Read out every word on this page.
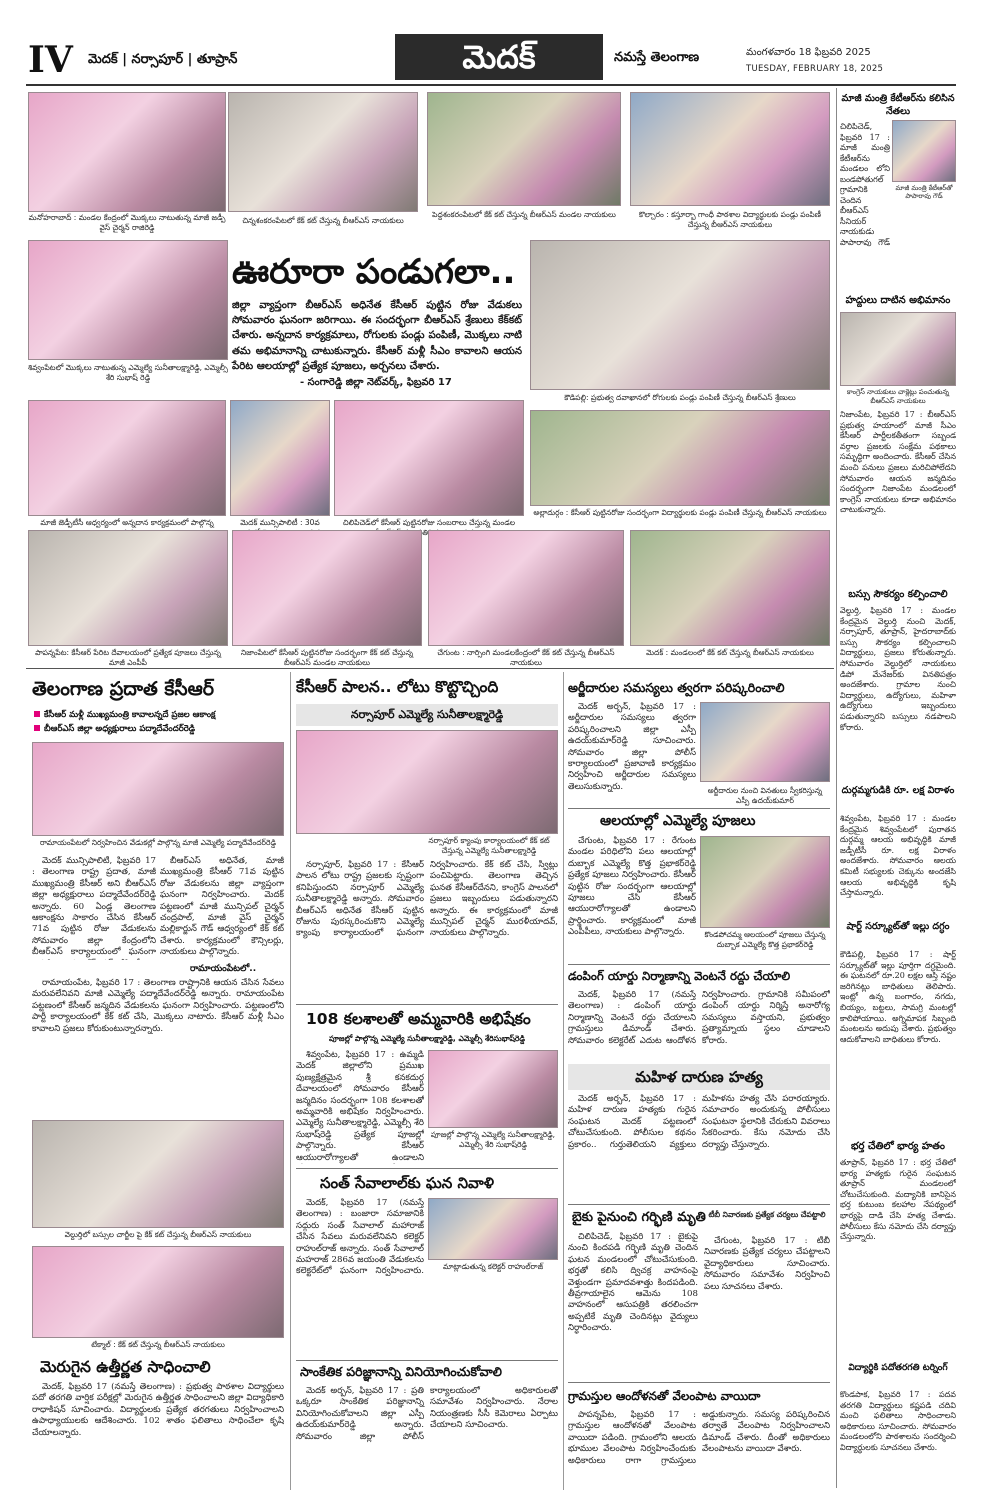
IV మెదక్ | నర్సాపూర్ | తూప్రాన్	మెదక్	నమస్తే తెలంగాణ	మంగళవారం 18 ఫిబ్రవరి 2025
TUESDAY, FEBRUARY 18, 2025
మనోహరాబాద్ : మండల కేంద్రంలో మొక్కలు నాటుతున్న మాజీ జడ్పీ వైస్ చైర్మన్ రాజిరెడ్డి
చిన్నశంకరంపేటలో కేక్ కట్ చేస్తున్న బీఆర్ఎస్ నాయకులు
పెద్దశంకరంపేటలో కేక్ కట్ చేస్తున్న బీఆర్ఎస్ మండల నాయకులు	కొల్చారం : కస్తూర్బా గాంధీ పాఠశాల విద్యార్థులకు పండ్లు పంపిణీ చేస్తున్న బీఆర్ఎస్ నాయకులు
శివ్వంపేటలో మొక్కలు నాటుతున్న ఎమ్మెల్యే సునీతాలక్ష్మారెడ్డి, ఎమ్మెల్సీ శేరి సుభాష్ రెడ్డి
ఊరూరా పండుగలా..
జిల్లా వ్యాప్తంగా బీఆర్ఎస్ అధినేత కేసీఆర్ పుట్టిన రోజు వేడుకలు సోమవారం ఘనంగా జరిగాయి. ఈ సందర్భంగా బీఆర్ఎస్ శ్రేణులు కేక్‌కట్ చేశారు. అన్నదాన కార్యక్రమాలు, రోగులకు పండ్లు పంపిణీ, మొక్కలు నాటి తమ అభిమానాన్ని చాటుకున్నారు. కేసీఆర్ మళ్లీ సీఎం కావాలని ఆయన పేరిట ఆలయాల్లో ప్రత్యేక పూజలు, అర్చనలు చేశారు.
- సంగారెడ్డి జిల్లా నెట్‌వర్క్, ఫిబ్రవరి 17
కౌడిపల్లి: ప్రభుత్వ దవాఖానలో రోగులకు పండ్లు పంపిణీ చేస్తున్న బీఆర్ఎస్ శ్రేణులు
మాజీ జెడ్పీటీసీ ఆధ్వర్యంలో అన్నదాన కార్యక్రమంలో పాల్గొన్న	మెదక్ మున్సిపాలిటీ : 30వ	చిలిపిచెడ్‌లో కేసీఆర్ పుట్టినరోజు సంబరాలు చేస్తున్న మండల
అల్లాదుర్గం : కేసీఆర్ పుట్టినరోజు సందర్భంగా విద్యార్థులకు పండ్లు పంపిణీ చేస్తున్న బీఆర్ఎస్ నాయకులు
పాపన్నపేట: కేసీఆర్ పేరిట దేవాలయంలో ప్రత్యేక పూజలు చేస్తున్న మాజీ ఎంపీపీ
నిజాంపేటలో కేసీఆర్ పుట్టినరోజు సందర్భంగా కేక్ కట్ చేస్తున్న బీఆర్ఎస్ మండల నాయకులు
చేగుంట : నార్సింగి మండలకేంద్రంలో కేక్ కట్ చేస్తున్న బీఆర్ఎస్ నాయకులు
మెదక్ : మండలంలో కేక్ కట్ చేస్తున్న బీఆర్ఎస్ నాయకులు
మాజీ మంత్రి కేటీఆర్‌ను కలిసిన నేతలు
చిలిపిచెడ్, ఫిబ్రవరి 17 : మాజీ మంత్రి కేటీఆర్‌ను మండలం లోని బండపోతుగల్ గ్రామానికి చెందిన బీఆర్ఎస్ సీనియర్ నాయకుడు పాపారావు గౌడ్
మాజీ మంత్రి కేటీఆర్‌తో పాపారావు గౌడ్
హద్దులు దాటిన అభిమానం
కాంగ్రెస్ నాయకులు చాక్లెట్లు పంచుతున్న బీఆర్ఎస్ నాయకులు
నిజాంపేట, ఫిబ్రవరి 17 : బీఆర్ఎస్ ప్రభుత్వ హయాంలో మాజీ సీఎం కేసీఆర్ పార్టీలకతీతంగా సబ్బండ వర్గాల ప్రజలకు సంక్షేమ పథకాలు సమృద్ధిగా అందించారు. కేసీఆర్ చేసిన మంచి పనులు ప్రజలు మరిచిపోలేదని సోమవారం ఆయన జన్మదినం సందర్భంగా నిజాంపేట మండలంలో కాంగ్రెస్ నాయకులు కూడా అభిమానం చాటుకున్నారు.
బస్సు సౌకర్యం కల్పించాలి
వెల్దుర్తి, ఫిబ్రవరి 17 : మండల కేంద్రమైన వెల్దుర్తి నుంచి మెదక్, నర్సాపూర్, తూప్రాన్, హైదరాబాద్‌కు బస్సు సౌకర్యం కల్పించాలని విద్యార్థులు, ప్రజలు కోరుతున్నారు. సోమవారం వెల్దుర్తిలో నాయకులు డిపో మేనేజర్‌కు వినతిపత్రం అందజేశారు. గ్రామాల నుంచి విద్యార్థులు, ఉద్యోగులు, మహిళా ఉద్యోగులు ఇబ్బందులు పడుతున్నారని బస్సులు నడపాలని కోరారు.
దుర్గమ్మగుడికి రూ. లక్ష విరాళం
శివ్వంపేట, ఫిబ్రవరి 17 : మండల కేంద్రమైన శివ్వంపేటలో పురాతన దుర్గమ్మ ఆలయ అభివృద్ధికి మాజీ జడ్పీటీసీ రూ. లక్ష విరాళం అందజేశారు. సోమవారం ఆలయ కమిటీ సభ్యులకు చెక్కును అందజేసి ఆలయ అభివృద్ధికి కృషి చేస్తామన్నారు.
షార్ట్ సర్క్యూట్‌తో ఇల్లు దగ్ధం
కౌడిపల్లి, ఫిబ్రవరి 17 : షార్ట్ సర్క్యూట్‌తో ఇల్లు పూర్తిగా దగ్ధమైంది. ఈ ఘటనలో రూ.20 లక్షల ఆస్తి నష్టం జరిగినట్లు బాధితులు తెలిపారు. ఇంట్లో ఉన్న బంగారం, నగదు, బియ్యం, బట్టలు, సామగ్రి మంటల్లో కాలిపోయాయి. అగ్నిమాపక సిబ్బంది మంటలను అదుపు చేశారు. ప్రభుత్వం ఆదుకోవాలని బాధితులు కోరారు.
భర్త చేతిలో భార్య హతం
తూప్రాన్, ఫిబ్రవరి 17 : భర్త చేతిలో భార్య హత్యకు గురైన సంఘటన తూప్రాన్ మండలంలో చోటుచేసుకుంది. మద్యానికి బానిసైన భర్త కుటుంబ కలహాల నేపథ్యంలో భార్యపై దాడి చేసి హత్య చేశాడు. పోలీసులు కేసు నమోదు చేసి దర్యాప్తు చేస్తున్నారు.
విద్యార్థికి పదోతరగతి టర్నింగ్
కొండపాక, ఫిబ్రవరి 17 : పదవ తరగతి విద్యార్థులు కష్టపడి చదివి మంచి ఫలితాలు సాధించాలని అధికారులు సూచించారు. సోమవారం మండలంలోని పాఠశాలను సందర్శించి విద్యార్థులకు సూచనలు చేశారు.
తెలంగాణ ప్రదాత కేసీఆర్
కేసీఆర్ మళ్లీ ముఖ్యమంత్రి కావాలన్నదే ప్రజల ఆకాంక్ష
బీఆర్ఎస్ జిల్లా అధ్యక్షురాలు పద్మాదేవేందర్‌రెడ్డి
రామాయంపేటలో నిర్వహించిన వేడుకల్లో పాల్గొన్న మాజీ ఎమ్మెల్యే పద్మాదేవేందర్‌రెడ్డి

మెదక్ మున్సిపాలిటీ, ఫిబ్రవరి 17 : తెలంగాణ రాష్ట్ర ప్రదాత, మాజీ ముఖ్యమంత్రి కేసీఆర్ అని బీఆర్ఎస్ జిల్లా అధ్యక్షురాలు పద్మాదేవేందర్‌రెడ్డి అన్నారు. 60 ఏండ్ల తెలంగాణ ఆకాంక్షను సాకారం చేసిన కేసీఆర్ 71వ పుట్టిన రోజు వేడుకలను సోమవారం జిల్లా కేంద్రంలోని బీఆర్ఎస్ కార్యాలయంలో ఘనంగా

బీఆర్ఎస్ అధినేత, మాజీ ముఖ్యమంత్రి కేసీఆర్ 71వ పుట్టిన రోజు వేడుకలను జిల్లా వ్యాప్తంగా ఘనంగా నిర్వహించారు. మెదక్ పట్టణంలో మాజీ మున్సిపల్ చైర్మన్ చంద్రపాల్, మాజీ వైస్ చైర్మన్ మల్లికార్జున్ గౌడ్ ఆధ్వర్యంలో కేక్ కట్ చేశారు. కార్యక్రమంలో కౌన్సిలర్లు, నాయకులు పాల్గొన్నారు.

రామాయంపేటలో..

రామాయంపేట, ఫిబ్రవరి 17 : తెలంగాణ రాష్ట్రానికి ఆయన చేసిన సేవలు మరువలేనివని మాజీ ఎమ్మెల్యే పద్మాదేవేందర్‌రెడ్డి అన్నారు. రామాయంపేట పట్టణంలో కేసీఆర్ జన్మదిన వేడుకలను ఘనంగా నిర్వహించారు. పట్టణంలోని పార్టీ కార్యాలయంలో కేక్ కట్ చేసి, మొక్కలు నాటారు. కేసీఆర్ మళ్లీ సీఎం కావాలని ప్రజలు కోరుకుంటున్నారన్నారు.

వెల్దుర్తిలో బస్సుల చార్జీల పై కేక్ కట్ చేస్తున్న బీఆర్ఎస్ నాయకులు
టేక్మాల్ : కేక్ కట్ చేస్తున్న బీఆర్ఎస్ నాయకులు
మెరుగైన ఉత్తీర్ణత సాధించాలి

మెదక్, ఫిబ్రవరి 17 (నమస్తే తెలంగాణ) : ప్రభుత్వ పాఠశాల విద్యార్థులు పదో తరగతి వార్షిక పరీక్షల్లో మెరుగైన ఉత్తీర్ణత సాధించాలని జిల్లా విద్యాధికారి రాధాకిషన్ సూచించారు. విద్యార్థులకు ప్రత్యేక తరగతులు నిర్వహించాలని ఉపాధ్యాయులకు ఆదేశించారు. 102 శాతం ఫలితాలు సాధించేలా కృషి చేయాలన్నారు.

కేసీఆర్ పాలన.. లోటు కొట్టొచ్చింది
నర్సాపూర్ ఎమ్మెల్యే సునీతాలక్ష్మారెడ్డి
నర్సాపూర్ క్యాంపు కార్యాలయంలో కేక్ కట్ చేస్తున్న ఎమ్మెల్యే సునీతాలక్ష్మారెడ్డి

నర్సాపూర్, ఫిబ్రవరి 17 : కేసీఆర్ పాలన లోటు రాష్ట్ర ప్రజలకు స్పష్టంగా కనిపిస్తుందని నర్సాపూర్ ఎమ్మెల్యే సునీతాలక్ష్మారెడ్డి అన్నారు. సోమవారం బీఆర్ఎస్ అధినేత కేసీఆర్ పుట్టిన రోజును పురస్కరించుకొని ఎమ్మెల్యే క్యాంపు కార్యాలయంలో ఘనంగా నిర్వహించారు. కేక్ కట్ చేసి, స్వీట్లు పంచిపెట్టారు. తెలంగాణ తెచ్చిన ఘనత కేసీఆర్‌దేనని, కాంగ్రెస్ పాలనలో ప్రజలు ఇబ్బందులు పడుతున్నారని అన్నారు. ఈ కార్యక్రమంలో మాజీ మున్సిపల్ చైర్మన్ మురళీయాదవ్, నాయకులు పాల్గొన్నారు.

108 కలశాలతో అమ్మవారికి అభిషేకం
పూజల్లో పాల్గొన్న ఎమ్మెల్యే సునీతాలక్ష్మారెడ్డి, ఎమ్మెల్సీ శేరిసుభాష్‌రెడ్డి

శివ్వంపేట, ఫిబ్రవరి 17 : ఉమ్మడి మెదక్ జిల్లాలోని ప్రముఖ పుణ్యక్షేత్రమైన శ్రీ కనకదుర్గ దేవాలయంలో సోమవారం కేసీఆర్ జన్మదినం సందర్భంగా 108 కలశాలతో అమ్మవారికి అభిషేకం నిర్వహించారు. ఎమ్మెల్యే సునీతాలక్ష్మారెడ్డి, ఎమ్మెల్సీ శేరి సుభాష్‌రెడ్డి ప్రత్యేక పూజల్లో పాల్గొన్నారు. కేసీఆర్ ఆయురారోగ్యాలతో ఉండాలని

పూజల్లో పాల్గొన్న ఎమ్మెల్యే సునీతాలక్ష్మారెడ్డి, ఎమ్మెల్సీ శేరి సుభాష్‌రెడ్డి
సంత్ సేవాలాల్‌కు ఘన నివాళి

మెదక్, ఫిబ్రవరి 17 (నమస్తే తెలంగాణ) : బంజారా సమాజానికి సద్గురు సంత్ సేవాలాల్ మహారాజ్ చేసిన సేవలు మరువలేనివని కలెక్టర్ రాహుల్‌రాజ్ అన్నారు. సంత్ సేవాలాల్ మహరాజ్ 286వ జయంతి వేడుకలను కలెక్టరేట్‌లో ఘనంగా నిర్వహించారు.	మాట్లాడుతున్న కలెక్టర్ రాహుల్‌రాజ్
సాంకేతిక పరిజ్ఞానాన్ని వినియోగించుకోవాలి

మెదక్ అర్బన్, ఫిబ్రవరి 17 : ప్రతి ఒక్కరూ సాంకేతిక పరిజ్ఞానాన్ని వినియోగించుకోవాలని జిల్లా ఎస్పీ ఉదయ్‌కుమార్‌రెడ్డి అన్నారు. సోమవారం జిల్లా పోలీస్ కార్యాలయంలో అధికారులతో సమావేశం నిర్వహించారు. నేరాల నియంత్రణకు సీసీ కెమెరాలు ఏర్పాటు చేయాలని సూచించారు.

అర్జీదారుల సమస్యలు త్వరగా పరిష్కరించాలి

మెదక్ అర్బన్, ఫిబ్రవరి 17 : అర్జీదారుల సమస్యలు త్వరగా పరిష్కరించాలని జిల్లా ఎస్పీ ఉదయ్‌కుమార్‌రెడ్డి సూచించారు. సోమవారం జిల్లా పోలీస్ కార్యాలయంలో ప్రజావాణి కార్యక్రమం నిర్వహించి అర్జీదారుల సమస్యలు తెలుసుకున్నారు.	అర్జీదారుల నుంచి వినతులు స్వీకరిస్తున్న ఎస్పీ ఉదయ్‌కుమార్
ఆలయాల్లో ఎమ్మెల్యే పూజలు

చేగుంట, ఫిబ్రవరి 17 : రేగుంట మండల పరిధిలోని పలు ఆలయాల్లో దుబ్బాక ఎమ్మెల్యే కొత్త ప్రభాకర్‌రెడ్డి ప్రత్యేక పూజలు నిర్వహించారు. కేసీఆర్ పుట్టిన రోజు సందర్భంగా ఆలయాల్లో పూజలు చేసి కేసీఆర్ ఆయురారోగ్యాలతో ఉండాలని ప్రార్థించారు. కార్యక్రమంలో మాజీ ఎంపీపీలు, నాయకులు పాల్గొన్నారు.	కొండపోచమ్మ ఆలయంలో పూజలు చేస్తున్న దుబ్బాక ఎమ్మెల్యే కొత్త ప్రభాకర్‌రెడ్డి
డంపింగ్ యార్డు నిర్మాణాన్ని వెంటనే రద్దు చేయాలి

మెదక్, ఫిబ్రవరి 17 (నమస్తే తెలంగాణ) : డంపింగ్ యార్డు నిర్మాణాన్ని వెంటనే రద్దు చేయాలని గ్రామస్తులు డిమాండ్ చేశారు. సోమవారం కలెక్టరేట్ ఎదుట ఆందోళన నిర్వహించారు. గ్రామానికి సమీపంలో డంపింగ్ యార్డు నిర్మిస్తే అనారోగ్య సమస్యలు వస్తాయని, ప్రభుత్వం ప్రత్యామ్నాయ స్థలం చూడాలని కోరారు.

మహిళ దారుణ హత్య

మెదక్ అర్బన్, ఫిబ్రవరి 17 : మహిళ దారుణ హత్యకు గురైన సంఘటన మెదక్ పట్టణంలో చోటుచేసుకుంది. పోలీసుల కథనం ప్రకారం.. గుర్తుతెలియని వ్యక్తులు మహిళను హత్య చేసి పరారయ్యారు. సమాచారం అందుకున్న పోలీసులు సంఘటనా స్థలానికి చేరుకుని వివరాలు సేకరించారు. కేసు నమోదు చేసి దర్యాప్తు చేస్తున్నారు.

బైకు పైనుంచి గర్భిణి మృతి

చిలిపిచెడ్, ఫిబ్రవరి 17 : బైకుపై నుంచి కిందపడి గర్భిణి మృతి చెందిన ఘటన మండలంలో చోటుచేసుకుంది. భర్తతో కలిసి ద్విచక్ర వాహనంపై వెళ్తుండగా ప్రమాదవశాత్తు కిందపడింది. తీవ్రగాయాలైన ఆమెను 108 వాహనంలో ఆసుపత్రికి తరలించగా అప్పటికే మృతి చెందినట్లు వైద్యులు నిర్ధారించారు.

టీబీ నివారణకు ప్రత్యేక చర్యలు చేపట్టాలి

చేగుంట, ఫిబ్రవరి 17 : టీబీ నివారణకు ప్రత్యేక చర్యలు చేపట్టాలని వైద్యాధికారులు సూచించారు. సోమవారం సమావేశం నిర్వహించి పలు సూచనలు చేశారు.

గ్రామస్తుల ఆందోళనతో వేలంపాట వాయిదా

పాపన్నపేట, ఫిబ్రవరి 17 : గ్రామస్తుల ఆందోళనతో వేలంపాట వాయిదా పడింది. గ్రామంలోని ఆలయ భూముల వేలంపాట నిర్వహించేందుకు అధికారులు రాగా గ్రామస్తులు అడ్డుకున్నారు. సమస్య పరిష్కరించిన తర్వాతే వేలంపాట నిర్వహించాలని డిమాండ్ చేశారు. దీంతో అధికారులు వేలంపాటను వాయిదా వేశారు.
